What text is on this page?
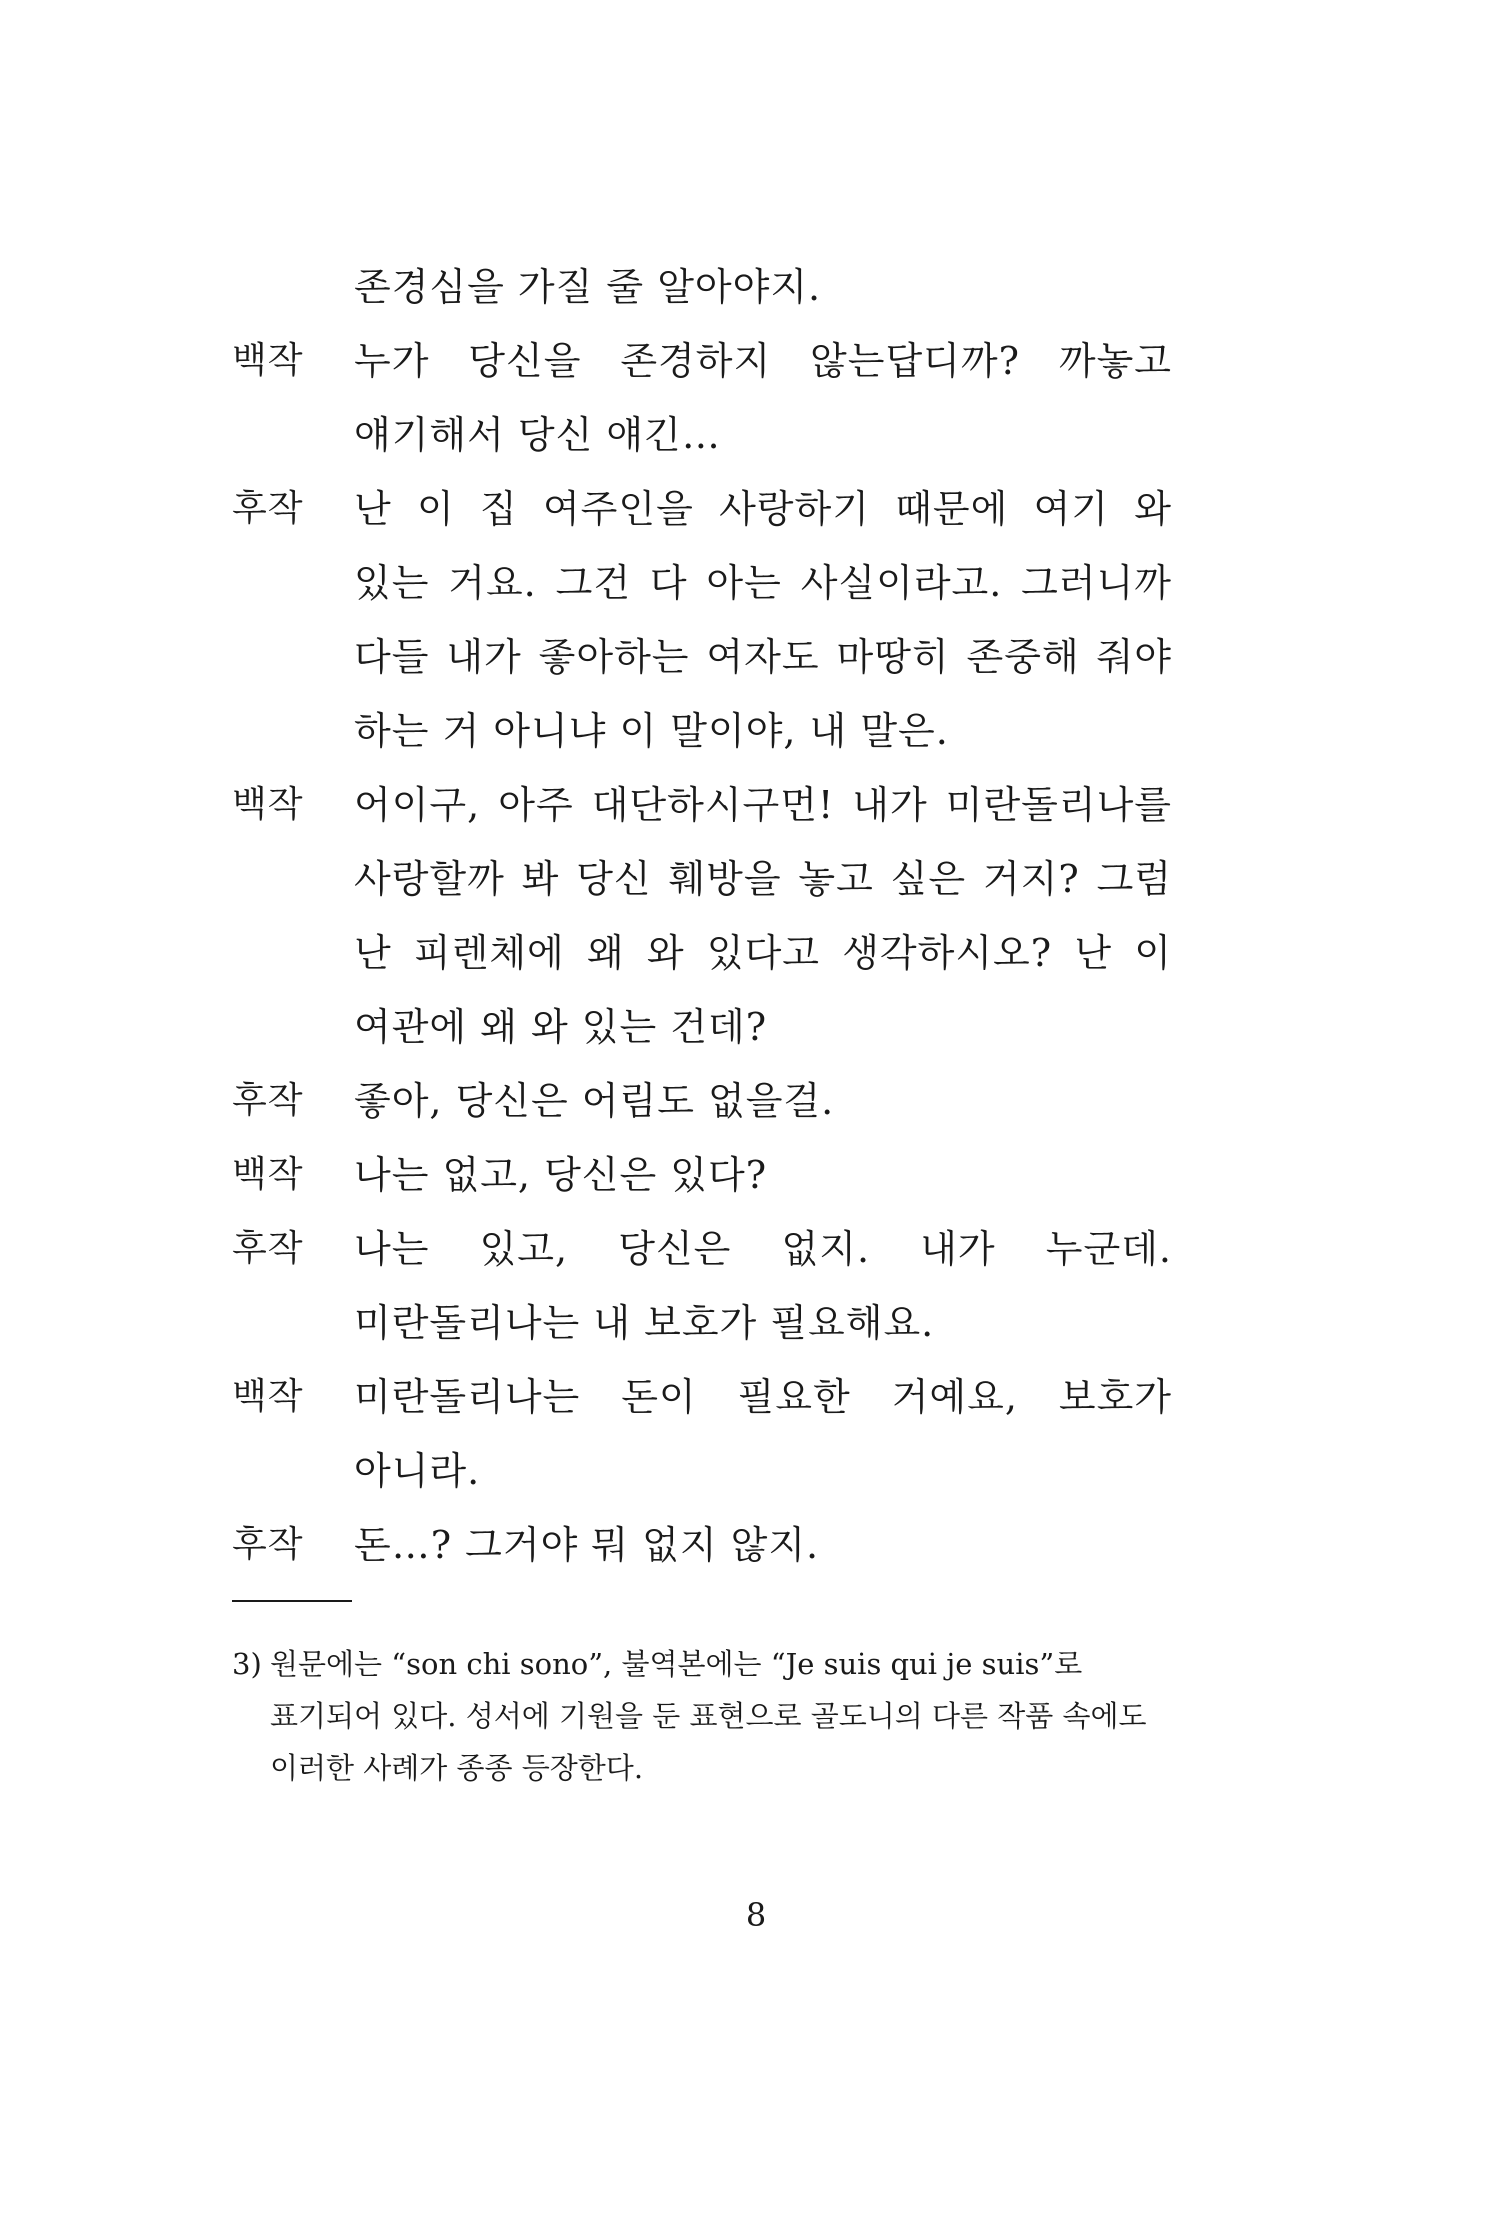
존경심을 가질 줄 알아야지.
백작	누가 당신을 존경하지 않는답디까? 까놓고 얘기해서 당신 얘긴…
후작	난 이 집 여주인을 사랑하기 때문에 여기 와 있는 거요. 그건 다 아는 사실이라고. 그러니까 다들 내가 좋아하는 여자도 마땅히 존중해 줘야 하는 거 아니냐 이 말이야, 내 말은.
백작	어이구, 아주 대단하시구먼! 내가 미란돌리나를 사랑할까 봐 당신 훼방을 놓고 싶은 거지? 그럼 난 피렌체에 왜 와 있다고 생각하시오? 난 이 여관에 왜 와 있는 건데?
후작	좋아, 당신은 어림도 없을걸.
백작	나는 없고, 당신은 있다?
후작	나는 있고, 당신은 없지. 내가 누군데. 미란돌리나는 내 보호가 필요해요.
백작	미란돌리나는 돈이 필요한 거예요, 보호가 아니라.
후작	돈…? 그거야 뭐 없지 않지.
3) 원문에는 “son chi sono”, 불역본에는 “Je suis qui je suis”로 표기되어 있다. 성서에 기원을 둔 표현으로 골도니의 다른 작품 속에도 이러한 사례가 종종 등장한다.
8
